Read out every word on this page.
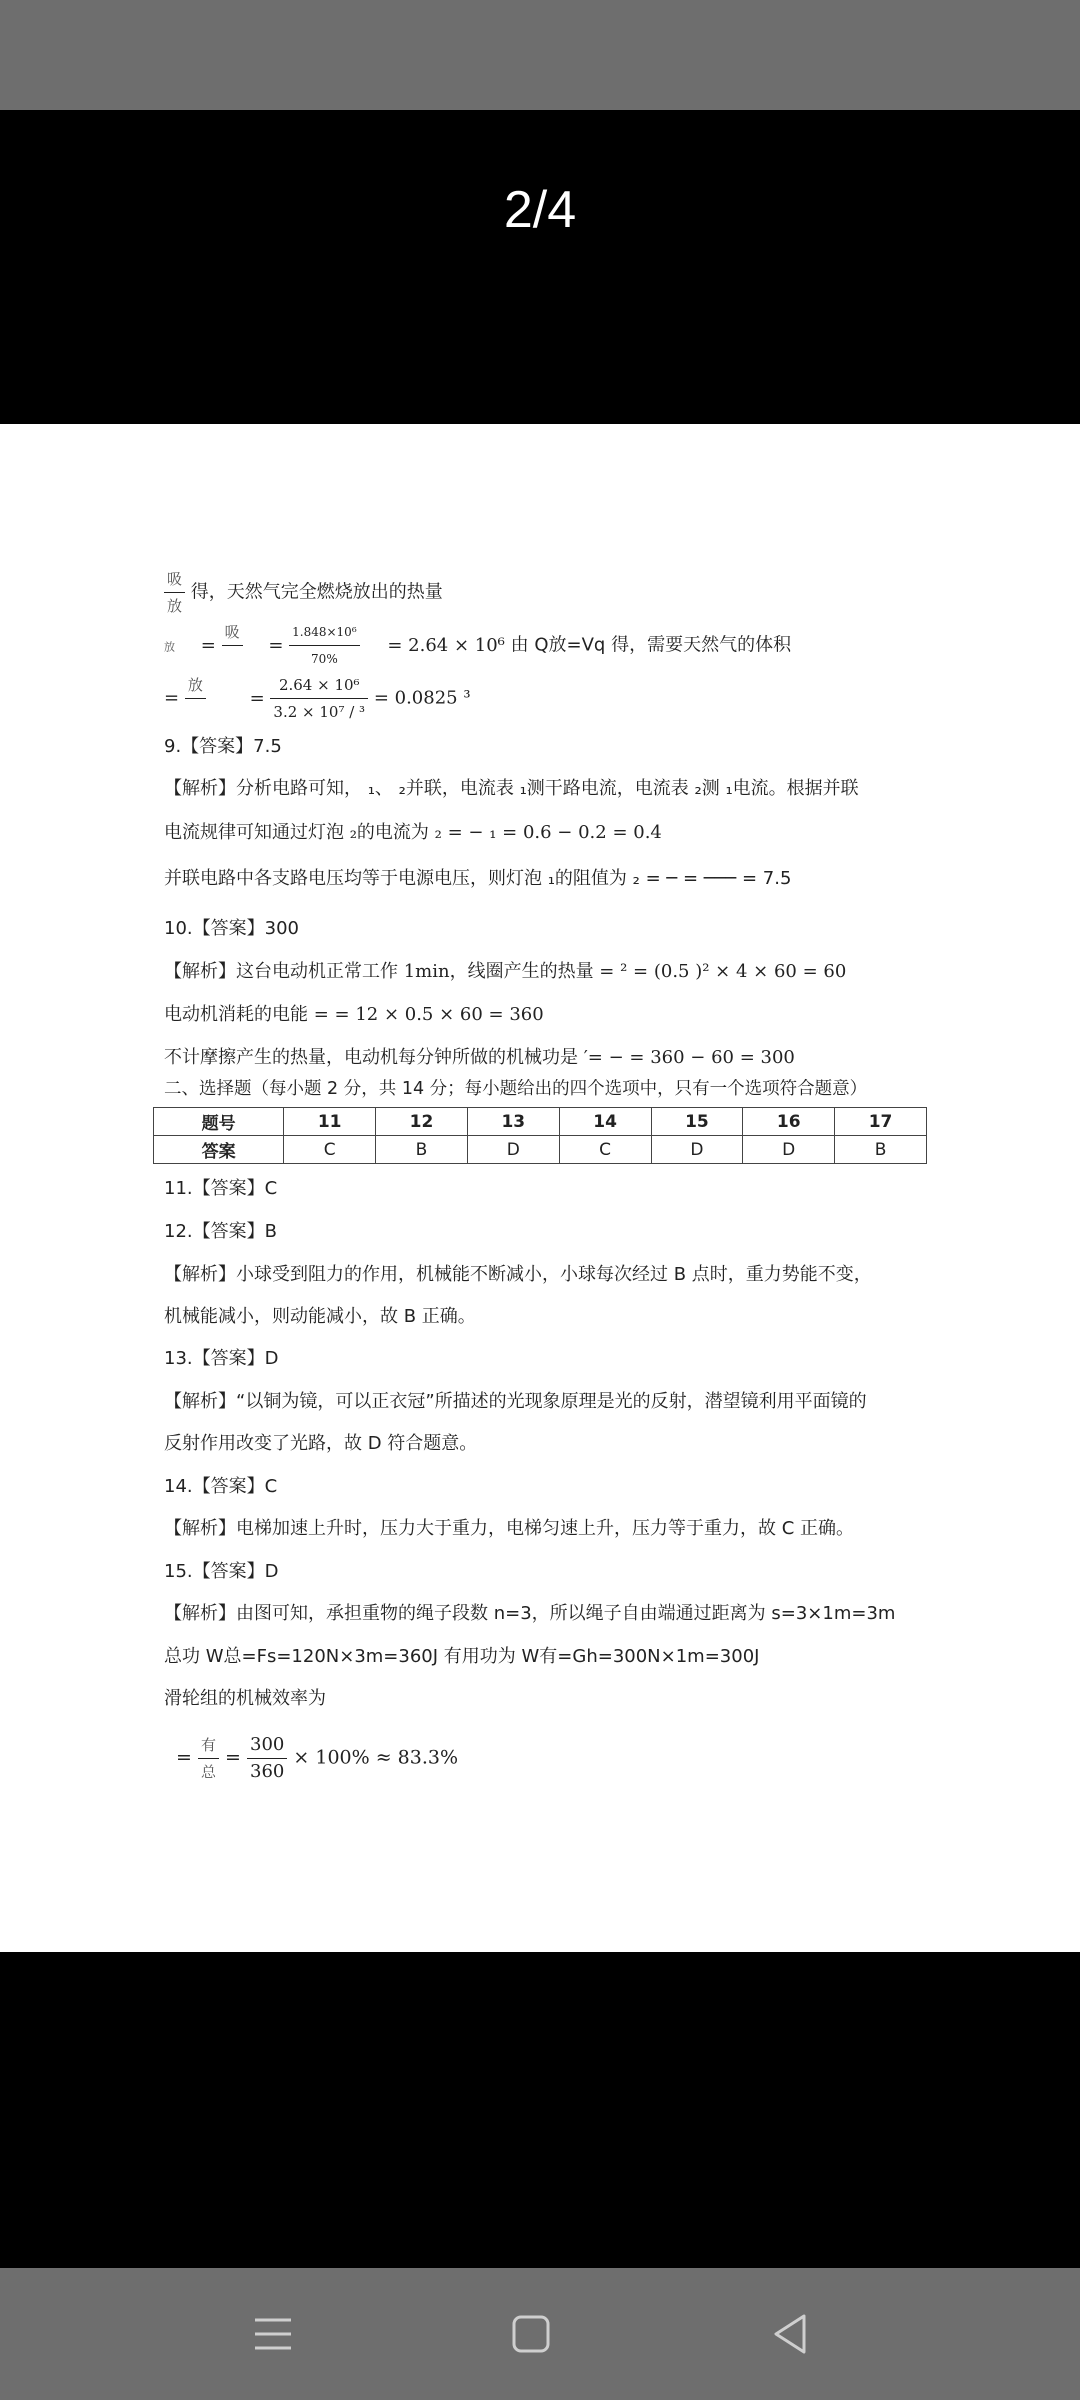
2/4
$\frac{\text{吸}}{\text{放}}$ 得，天然气完全燃烧放出的热量
放 =
吸

= $\frac{\text{1.848×10⁶}}{70\%} = 2.64 \times 10^6$ 由 Q放=Vq 得，需要天然气的体积
=
放

= $\frac{\text{2.64 × 10⁶}}{\text{3.2 × 10⁷ / ³}} = 0.0825$ ³
9.【答案】7.5
【解析】分析电路可知， ₁、 ₂并联，电流表 ₁测干路电流，电流表 ₂测 ₁电流。根据并联
电流规律可知通过灯泡 ₂的电流为 ₂ = − ₁ = 0.6 − 0.2 = 0.4
并联电路中各支路电压均等于电源电压，则灯泡 ₁的阻值为 ₂ = ─ = ─── = 7.5
10.【答案】300
【解析】这台电动机正常工作 1min，线圈产生的热量 = ² = (0.5 )² × 4 × 60 = 60
电动机消耗的电能 = = 12 × 0.5 × 60 = 360
不计摩擦产生的热量，电动机每分钟所做的机械功是 ′= − = 360 − 60 = 300
二、选择题（每小题 2 分，共 14 分；每小题给出的四个选项中，只有一个选项符合题意）
题号	11	12	13	14	15	16	17
答案	C	B	D	C	D	D	B
11.【答案】C
12.【答案】B
【解析】小球受到阻力的作用，机械能不断减小，小球每次经过 B 点时，重力势能不变，
机械能减小，则动能减小，故 B 正确。
13.【答案】D
【解析】“以铜为镜，可以正衣冠”所描述的光现象原理是光的反射，潜望镜利用平面镜的
反射作用改变了光路，故 D 符合题意。
14.【答案】C
【解析】电梯加速上升时，压力大于重力，电梯匀速上升，压力等于重力，故 C 正确。
15.【答案】D
【解析】由图可知，承担重物的绳子段数 n=3，所以绳子自由端通过距离为 s=3×1m=3m
总功 W总=Fs=120N×3m=360J 有用功为 W有=Gh=300N×1m=300J
滑轮组的机械效率为
= $\frac{\text{有}}{\text{总}} = \frac{300}{360} \times 100\% \approx 83.3\%$
